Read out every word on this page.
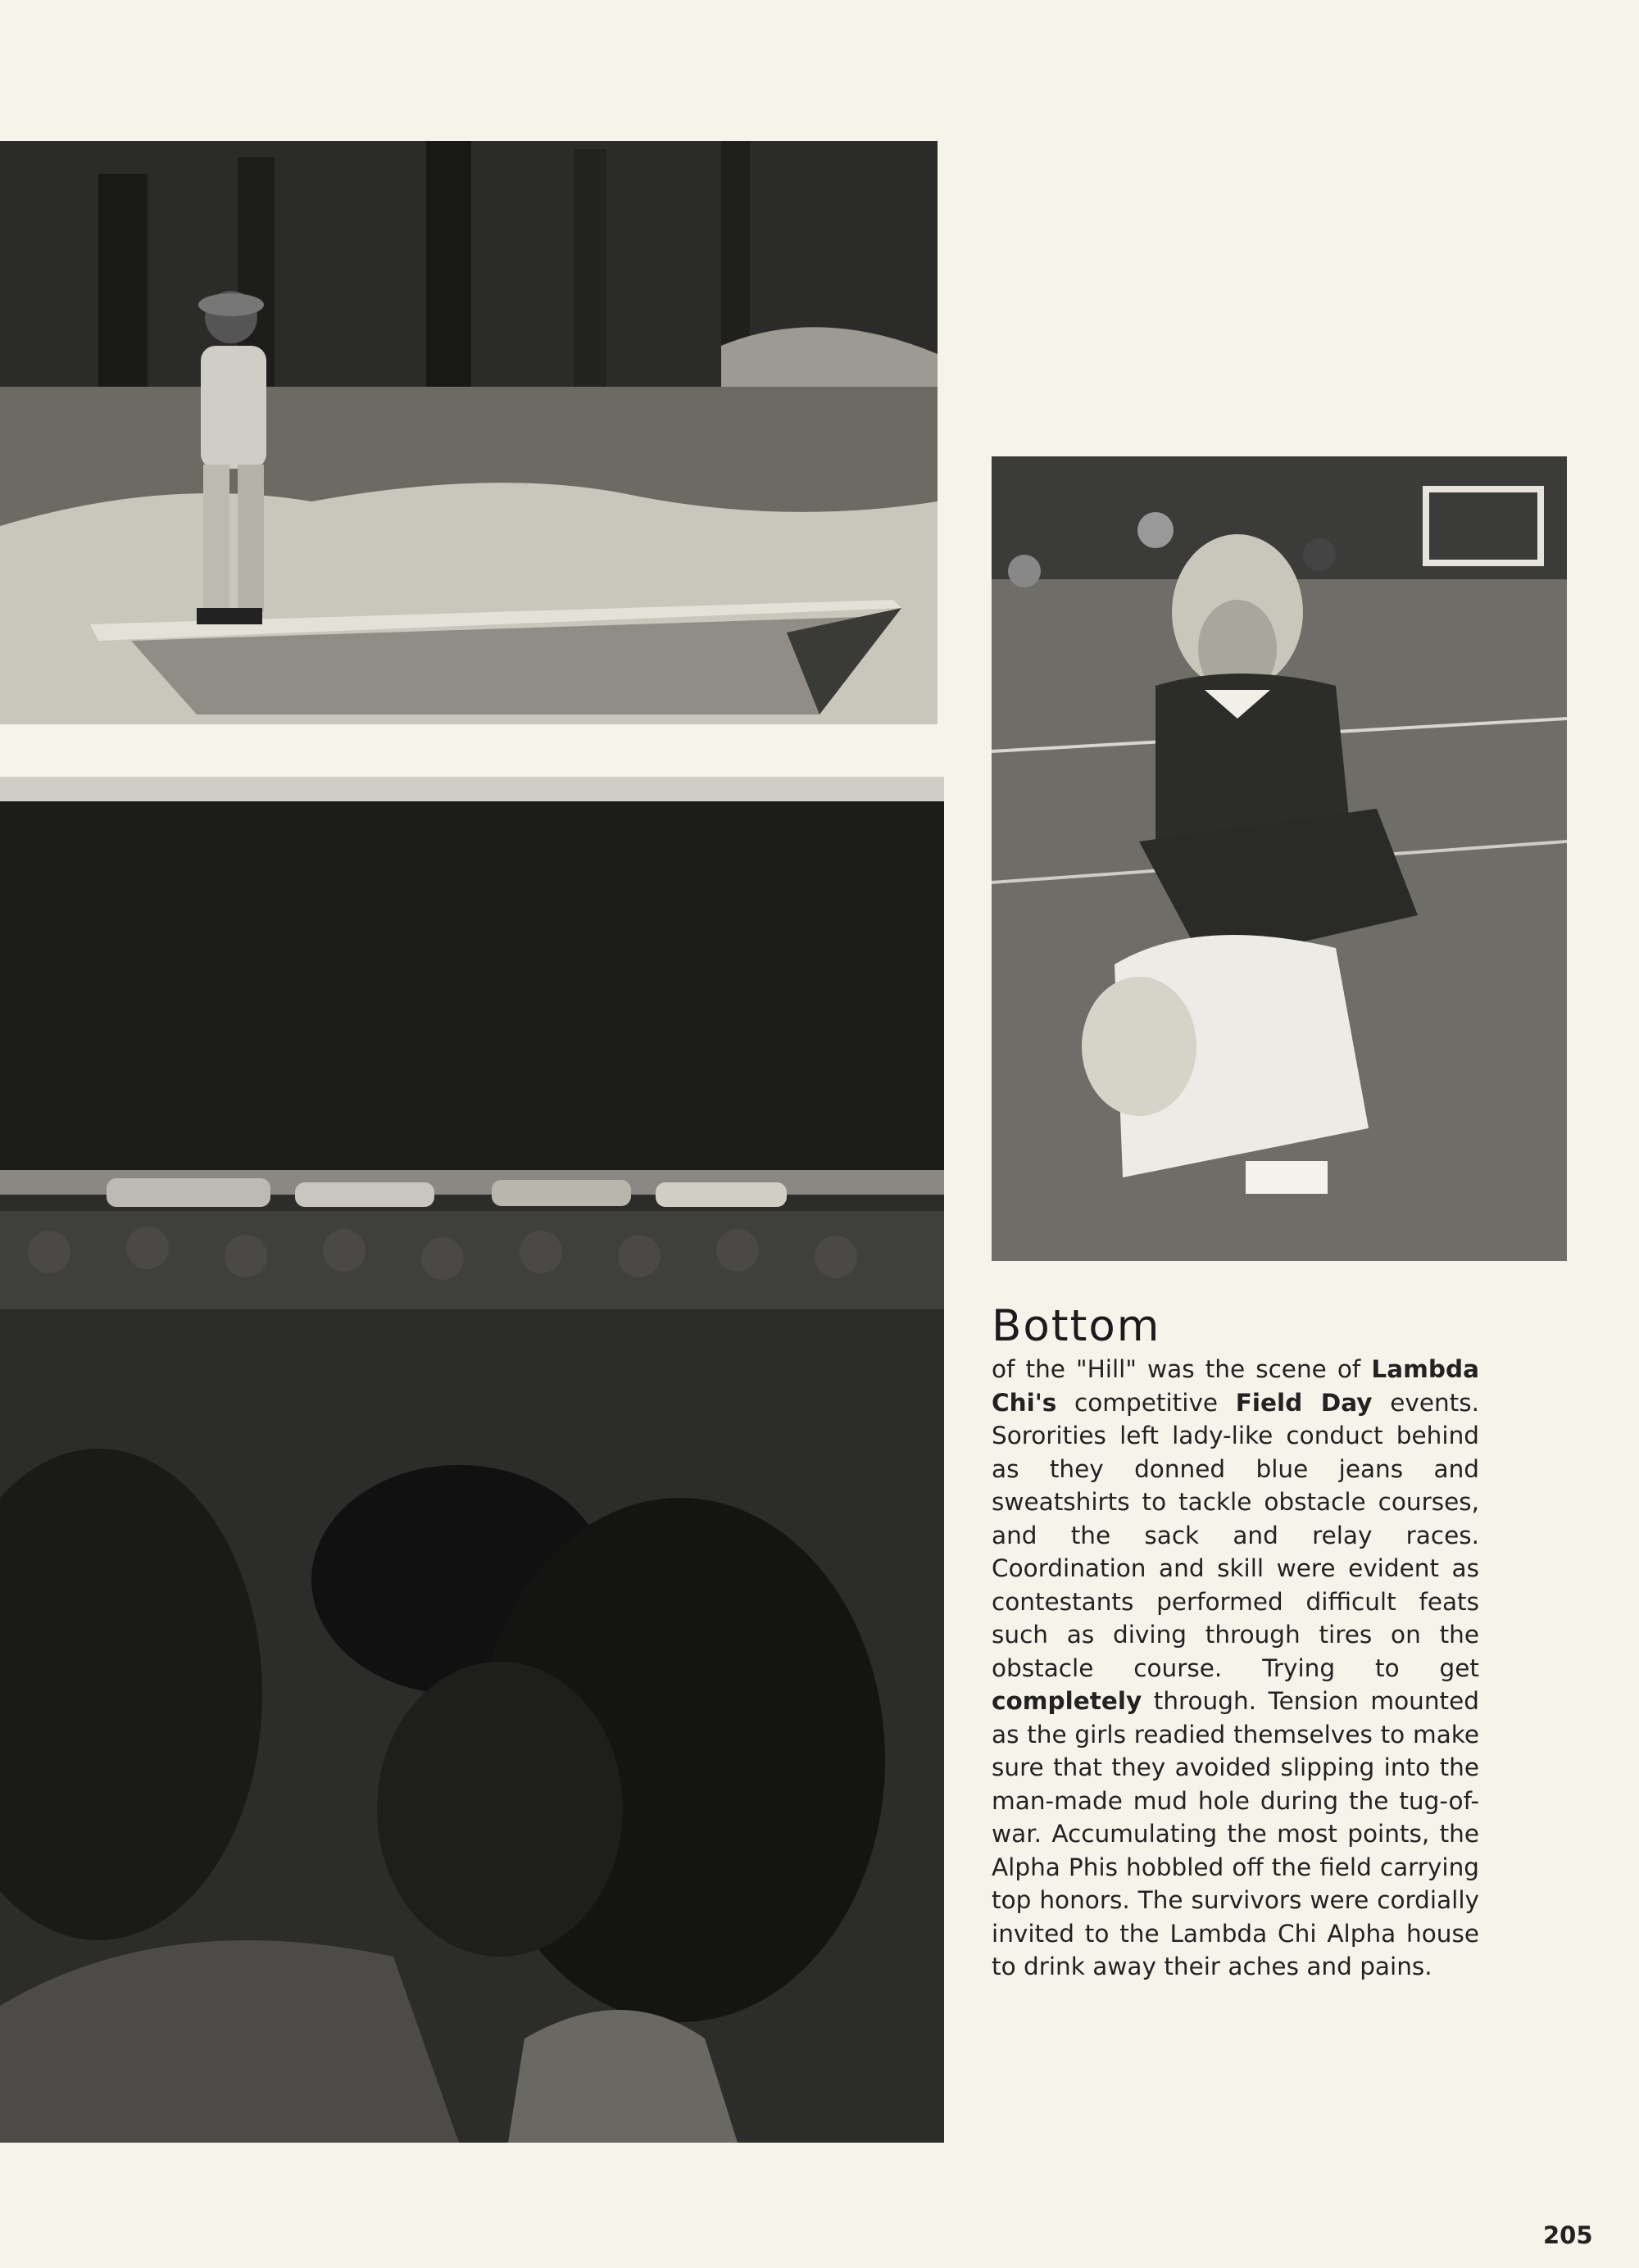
Bottom

of the "Hill" was the scene of Lambda Chi's competitive Field Day events. Sororities left lady-like conduct behind as they donned blue jeans and sweatshirts to tackle obstacle courses, and the sack and relay races. Coordination and skill were evident as contestants performed difficult feats such as diving through tires on the obstacle course. Trying to get completely through. Tension mounted as the girls readied themselves to make sure that they avoided slipping into the man-made mud hole during the tug-of-war. Accumulating the most points, the Alpha Phis hobbled off the field carrying top honors. The survivors were cordially invited to the Lambda Chi Alpha house to drink away their aches and pains.

205
